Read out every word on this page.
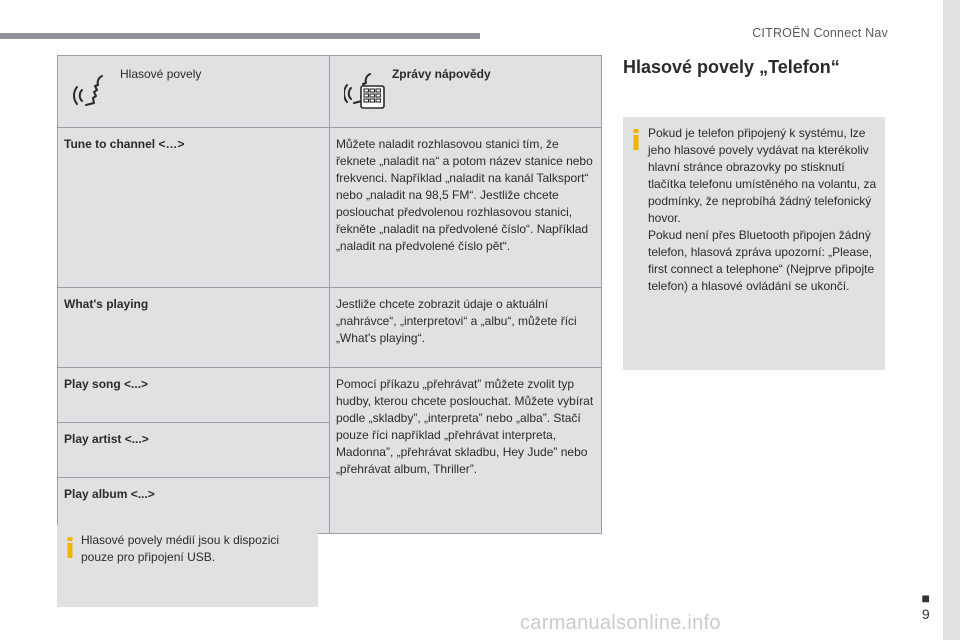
CITROËN Connect Nav
Hlasové povely	Zprávy nápovědy

Tune to channel <…>	Můžete naladit rozhlasovou stanici tím, že řeknete „naladit na“ a potom název stanice nebo frekvenci. Například „naladit na kanál Talksport“ nebo „naladit na 98,5 FM“. Jestliže chcete poslouchat předvolenou rozhlasovou stanici, řekněte „naladit na předvolené číslo“. Například „naladit na předvolené číslo pět“.
What's playing	Jestliže chcete zobrazit údaje o aktuální „nahrávce“, „interpretovi“ a „albu“, můžete říci „What's playing“.
Play song <...>	Pomocí příkazu „přehrávat” můžete zvolit typ hudby, kterou chcete poslouchat. Můžete vybírat podle „skladby”, „interpreta” nebo „alba”. Stačí pouze říci například „přehrávat interpreta, Madonna”, „přehrávat skladbu, Hey Jude” nebo „přehrávat album, Thriller”.
Play artist <...>	
Play album <...>	
Hlasové povely médií jsou k dispozici pouze pro připojení USB.
Hlasové povely „Telefon“
Pokud je telefon připojený k systému, lze jeho hlasové povely vydávat na kterékoliv hlavní stránce obrazovky po stisknutí tlačítka telefonu umístěného na volantu, za podmínky, že neprobíhá žádný telefonický hovor.
Pokud není přes Bluetooth připojen žádný telefon, hlasová zpráva upozorní: „Please, first connect a telephone“ (Nejprve připojte telefon) a hlasové ovládání se ukončí.
■
9
carmanualsonline.info
